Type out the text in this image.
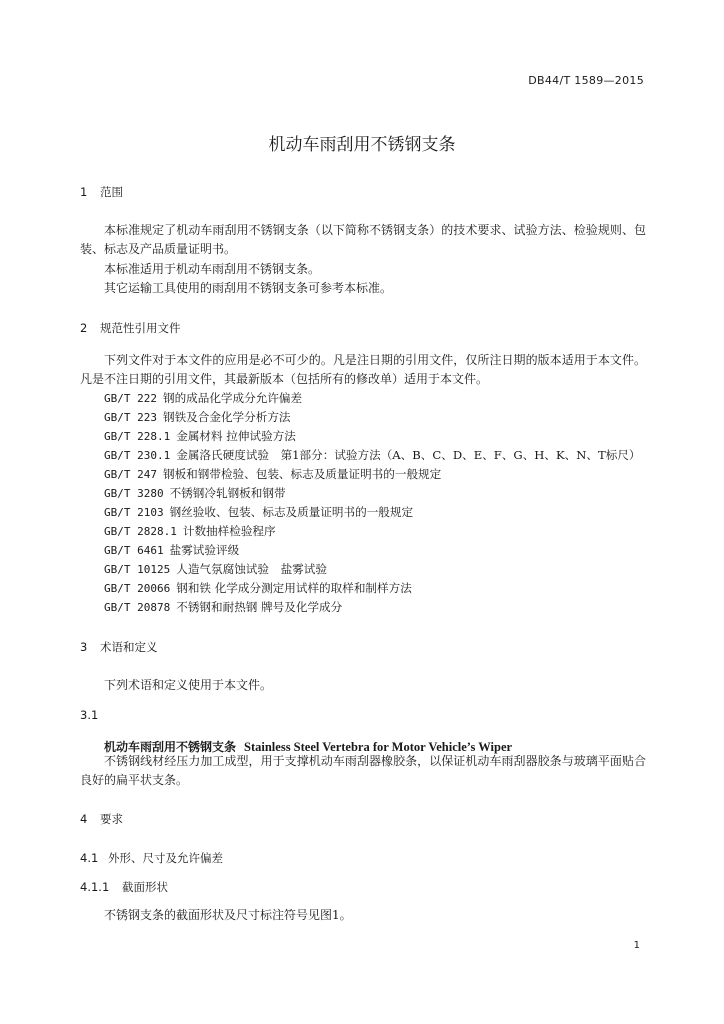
DB44/T 1589—2015
机动车雨刮用不锈钢支条
1 范围
本标准规定了机动车雨刮用不锈钢支条（以下简称不锈钢支条）的技术要求、试验方法、检验规则、包装、标志及产品质量证明书。
本标准适用于机动车雨刮用不锈钢支条。
其它运输工具使用的雨刮用不锈钢支条可参考本标准。
2 规范性引用文件
下列文件对于本文件的应用是必不可少的。凡是注日期的引用文件，仅所注日期的版本适用于本文件。凡是不注日期的引用文件，其最新版本（包括所有的修改单）适用于本文件。
GB/T 222 钢的成品化学成分允许偏差
GB/T 223 钢铁及合金化学分析方法
GB/T 228.1 金属材料 拉伸试验方法
GB/T 230.1 金属洛氏硬度试验　第1部分：试验方法（A、B、C、D、E、F、G、H、K、N、T标尺）
GB/T 247 钢板和钢带检验、包装、标志及质量证明书的一般规定
GB/T 3280 不锈钢冷轧钢板和钢带
GB/T 2103 钢丝验收、包装、标志及质量证明书的一般规定
GB/T 2828.1 计数抽样检验程序
GB/T 6461 盐雾试验评级
GB/T 10125 人造气氛腐蚀试验　盐雾试验
GB/T 20066 钢和铁 化学成分测定用试样的取样和制样方法
GB/T 20878 不锈钢和耐热钢 牌号及化学成分
3 术语和定义
下列术语和定义使用于本文件。
3.1
机动车雨刮用不锈钢支条 Stainless Steel Vertebra for Motor Vehicle’s Wiper
不锈钢线材经压力加工成型，用于支撑机动车雨刮器橡胶条，以保证机动车雨刮器胶条与玻璃平面贴合良好的扁平状支条。
4 要求
4.1 外形、尺寸及允许偏差
4.1.1 截面形状
不锈钢支条的截面形状及尺寸标注符号见图1。
1
